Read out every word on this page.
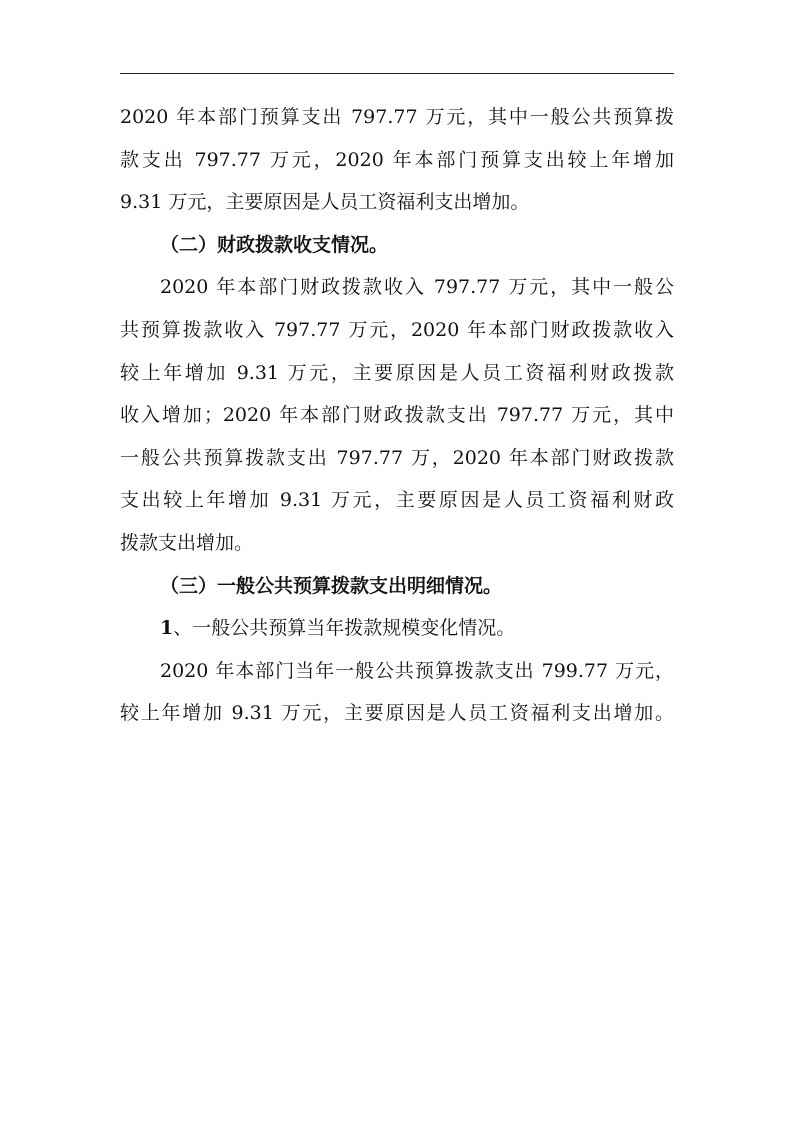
2020 年本部门预算支出 797.77 万元，其中一般公共预算拨
款支出 797.77 万元，2020 年本部门预算支出较上年增加
9.31 万元，主要原因是人员工资福利支出增加。
（二）财政拨款收支情况。
2020 年本部门财政拨款收入 797.77 万元，其中一般公
共预算拨款收入 797.77 万元，2020 年本部门财政拨款收入
较上年增加 9.31 万元，主要原因是人员工资福利财政拨款
收入增加；2020 年本部门财政拨款支出 797.77 万元，其中
一般公共预算拨款支出 797.77 万，2020 年本部门财政拨款
支出较上年增加 9.31 万元，主要原因是人员工资福利财政
拨款支出增加。
（三）一般公共预算拨款支出明细情况。
1、一般公共预算当年拨款规模变化情况。
2020 年本部门当年一般公共预算拨款支出 799.77 万元，
较上年增加 9.31 万元，主要原因是人员工资福利支出增加。
